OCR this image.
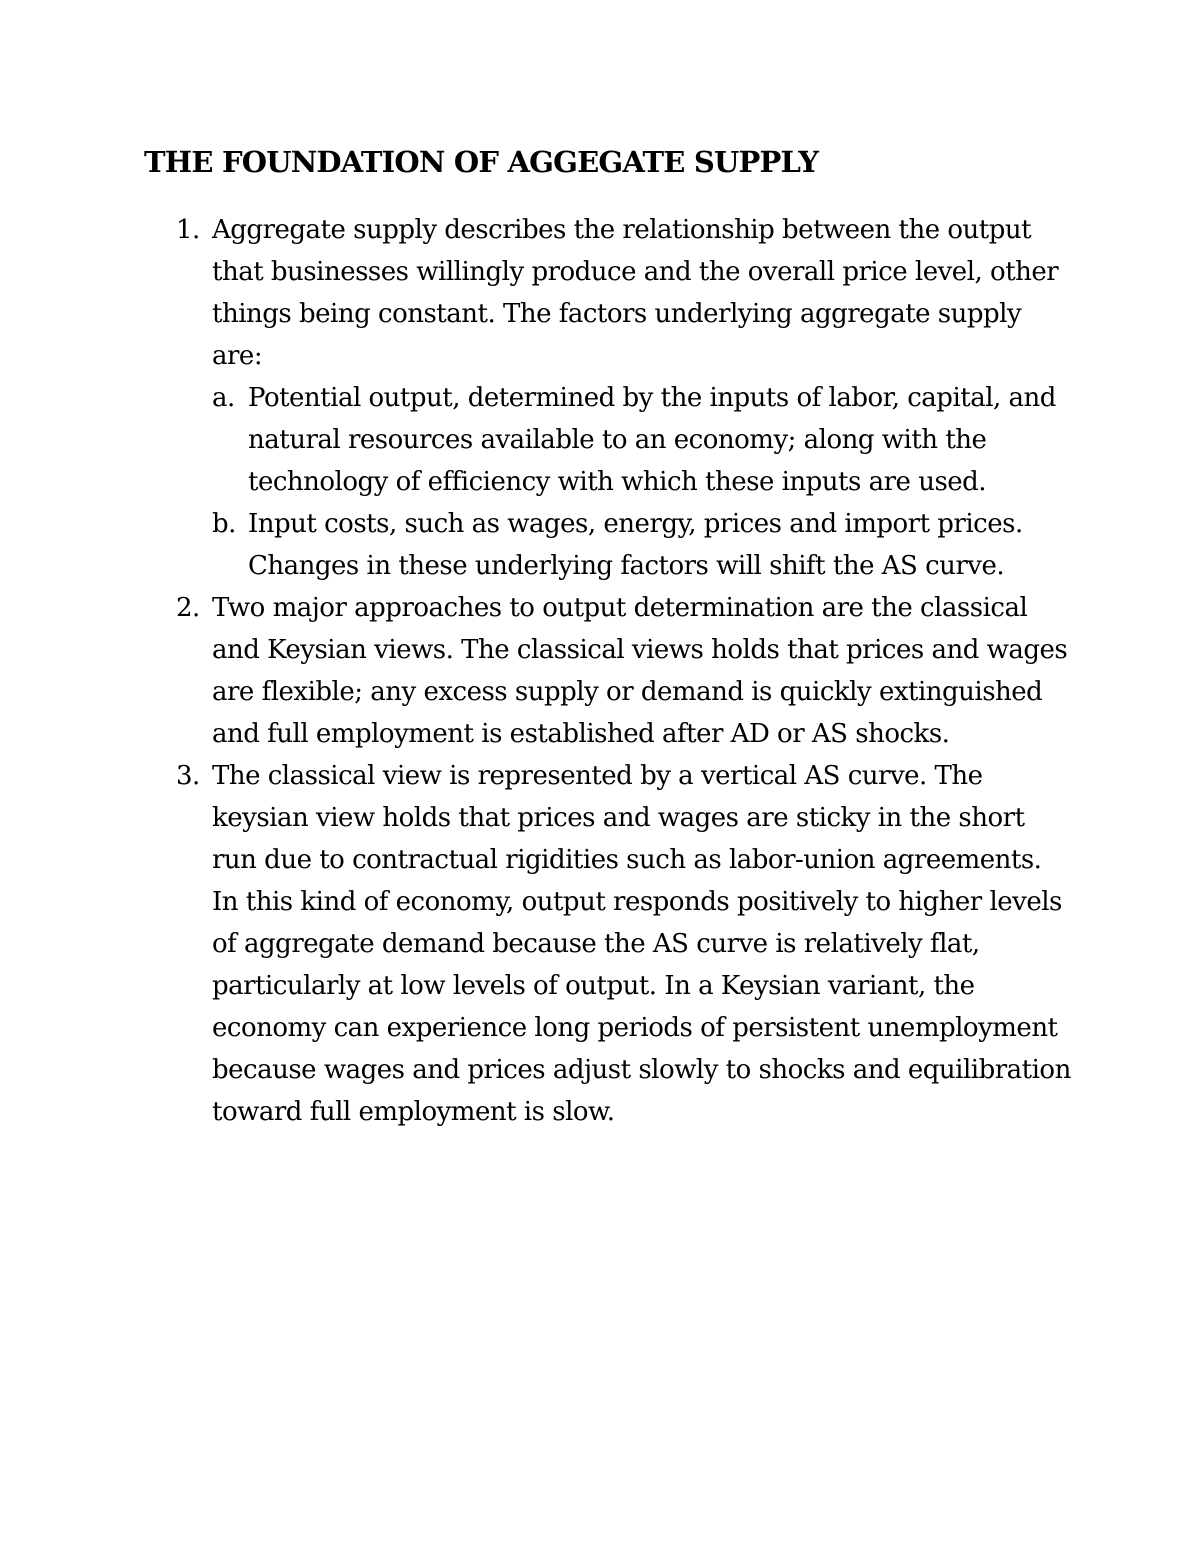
THE FOUNDATION OF AGGEGATE SUPPLY
1. Aggregate supply describes the relationship between the output that businesses willingly produce and the overall price level, other things being constant. The factors underlying aggregate supply are:
a. Potential output, determined by the inputs of labor, capital, and natural resources available to an economy; along with the technology of efficiency with which these inputs are used.
b. Input costs, such as wages, energy, prices and import prices. Changes in these underlying factors will shift the AS curve.
2. Two major approaches to output determination are the classical and Keysian views. The classical views holds that prices and wages are flexible; any excess supply or demand is quickly extinguished and full employment is established after AD or AS shocks.
3. The classical view is represented by a vertical AS curve. The keysian view holds that prices and wages are sticky in the short run due to contractual rigidities such as labor-union agreements. In this kind of economy, output responds positively to higher levels of aggregate demand because the AS curve is relatively flat, particularly at low levels of output. In a Keysian variant, the economy can experience long periods of persistent unemployment because wages and prices adjust slowly to shocks and equilibration toward full employment is slow.
